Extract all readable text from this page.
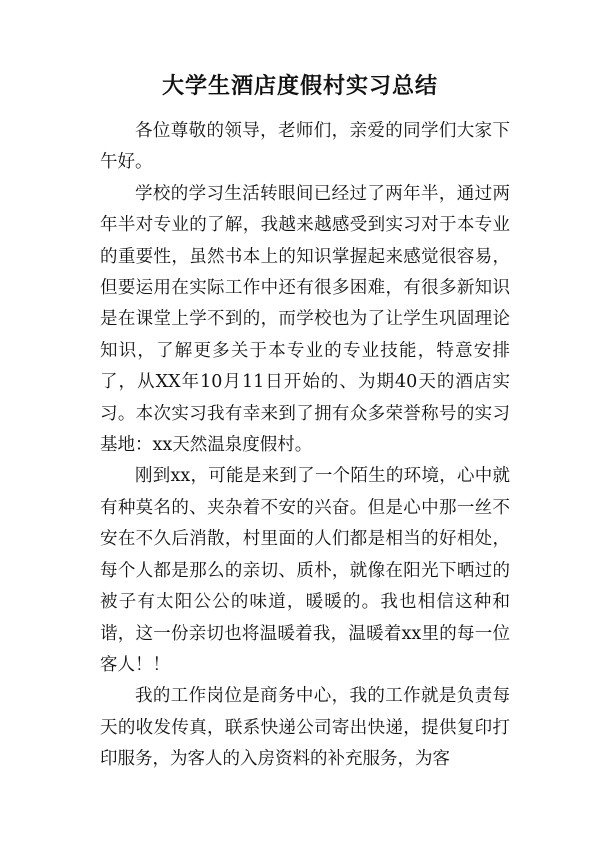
大学生酒店度假村实习总结

各位尊敬的领导，老师们，亲爱的同学们大家下午好。

学校的学习生活转眼间已经过了两年半，通过两年半对专业的了解，我越来越感受到实习对于本专业的重要性，虽然书本上的知识掌握起来感觉很容易，但要运用在实际工作中还有很多困难，有很多新知识是在课堂上学不到的，而学校也为了让学生巩固理论知识，了解更多关于本专业的专业技能，特意安排了，从XX年10月11日开始的、为期40天的酒店实习。本次实习我有幸来到了拥有众多荣誉称号的实习基地：xx天然温泉度假村。

刚到xx，可能是来到了一个陌生的环境，心中就有种莫名的、夹杂着不安的兴奋。但是心中那一丝不安在不久后消散，村里面的人们都是相当的好相处，每个人都是那么的亲切、质朴，就像在阳光下晒过的被子有太阳公公的味道，暖暖的。我也相信这种和谐，这一份亲切也将温暖着我，温暖着xx里的每一位客人！！

我的工作岗位是商务中心，我的工作就是负责每天的收发传真，联系快递公司寄出快递，提供复印打印服务，为客人的入房资料的补充服务，为客
